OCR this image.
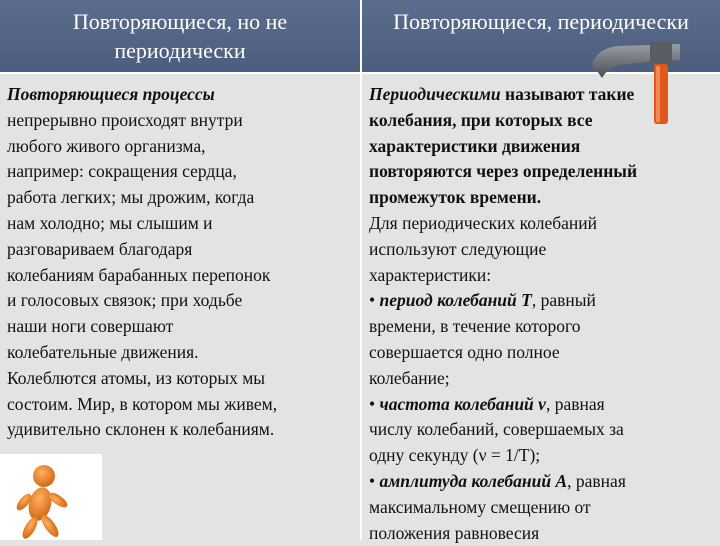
Повторяющиеся, но не периодически
Повторяющиеся, периодически
Повторяющиеся процессы
непрерывно происходят внутри
любого живого организма,
например: сокращения сердца,
работа легких; мы дрожим, когда
нам холодно; мы слышим и
разговариваем благодаря
колебаниям барабанных перепонок
и голосовых связок; при ходьбе
наши ноги совершают
колебательные движения.
Колеблются атомы, из которых мы
состоим. Мир, в котором мы живем,
удивительно склонен к колебаниям.
Периодическими называют такие
колебания, при которых все
характеристики движения
повторяются через определенный
промежуток времени.
Для периодических колебаний
используют следующие
характеристики:
• период колебаний Т, равный
времени, в течение которого
совершается одно полное
колебание;
• частота колебаний ν, равная
числу колебаний, совершаемых за
одну секунду (ν = 1/T);
• амплитуда колебаний А, равная
максимальному смещению от
положения равновесия
